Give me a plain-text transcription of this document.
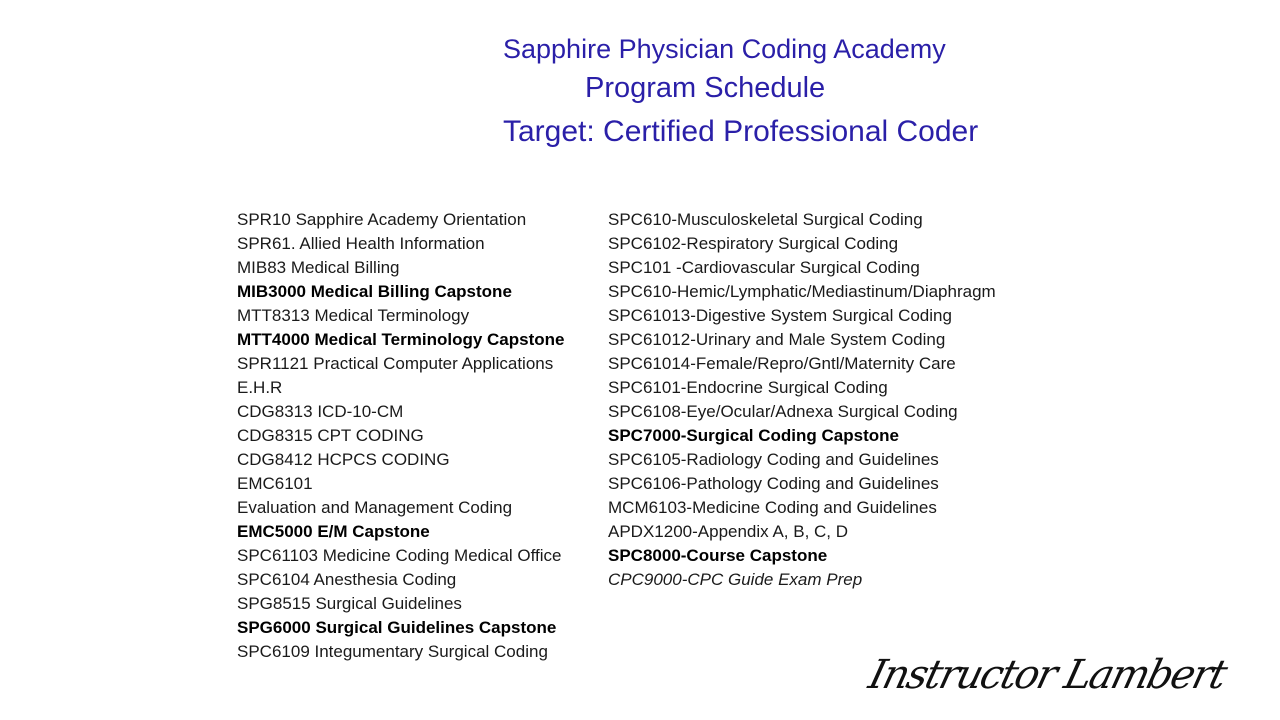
Sapphire Physician Coding Academy
Program Schedule
Target: Certified Professional Coder
SPR10 Sapphire Academy Orientation
SPR61. Allied Health Information
MIB83 Medical Billing
MIB3000 Medical Billing Capstone
MTT8313 Medical Terminology
MTT4000 Medical Terminology Capstone
SPR1121 Practical Computer Applications
E.H.R
CDG8313 ICD-10-CM
CDG8315 CPT CODING
CDG8412 HCPCS CODING
EMC6101
Evaluation and Management Coding
EMC5000 E/M Capstone
SPC61103 Medicine Coding Medical Office
SPC6104 Anesthesia Coding
SPG8515 Surgical Guidelines
SPG6000 Surgical Guidelines Capstone
SPC6109 Integumentary Surgical Coding
SPC610-Musculoskeletal Surgical Coding
SPC6102-Respiratory Surgical Coding
SPC101 -Cardiovascular Surgical Coding
SPC610-Hemic/Lymphatic/Mediastinum/Diaphragm
SPC61013-Digestive System Surgical Coding
SPC61012-Urinary and Male System Coding
SPC61014-Female/Repro/Gntl/Maternity Care
SPC6101-Endocrine Surgical Coding
SPC6108-Eye/Ocular/Adnexa Surgical Coding
SPC7000-Surgical Coding Capstone
SPC6105-Radiology Coding and Guidelines
SPC6106-Pathology Coding and Guidelines
MCM6103-Medicine Coding and Guidelines
APDX1200-Appendix A, B, C, D
SPC8000-Course Capstone
CPC9000-CPC Guide Exam Prep
Instructor Lambert
